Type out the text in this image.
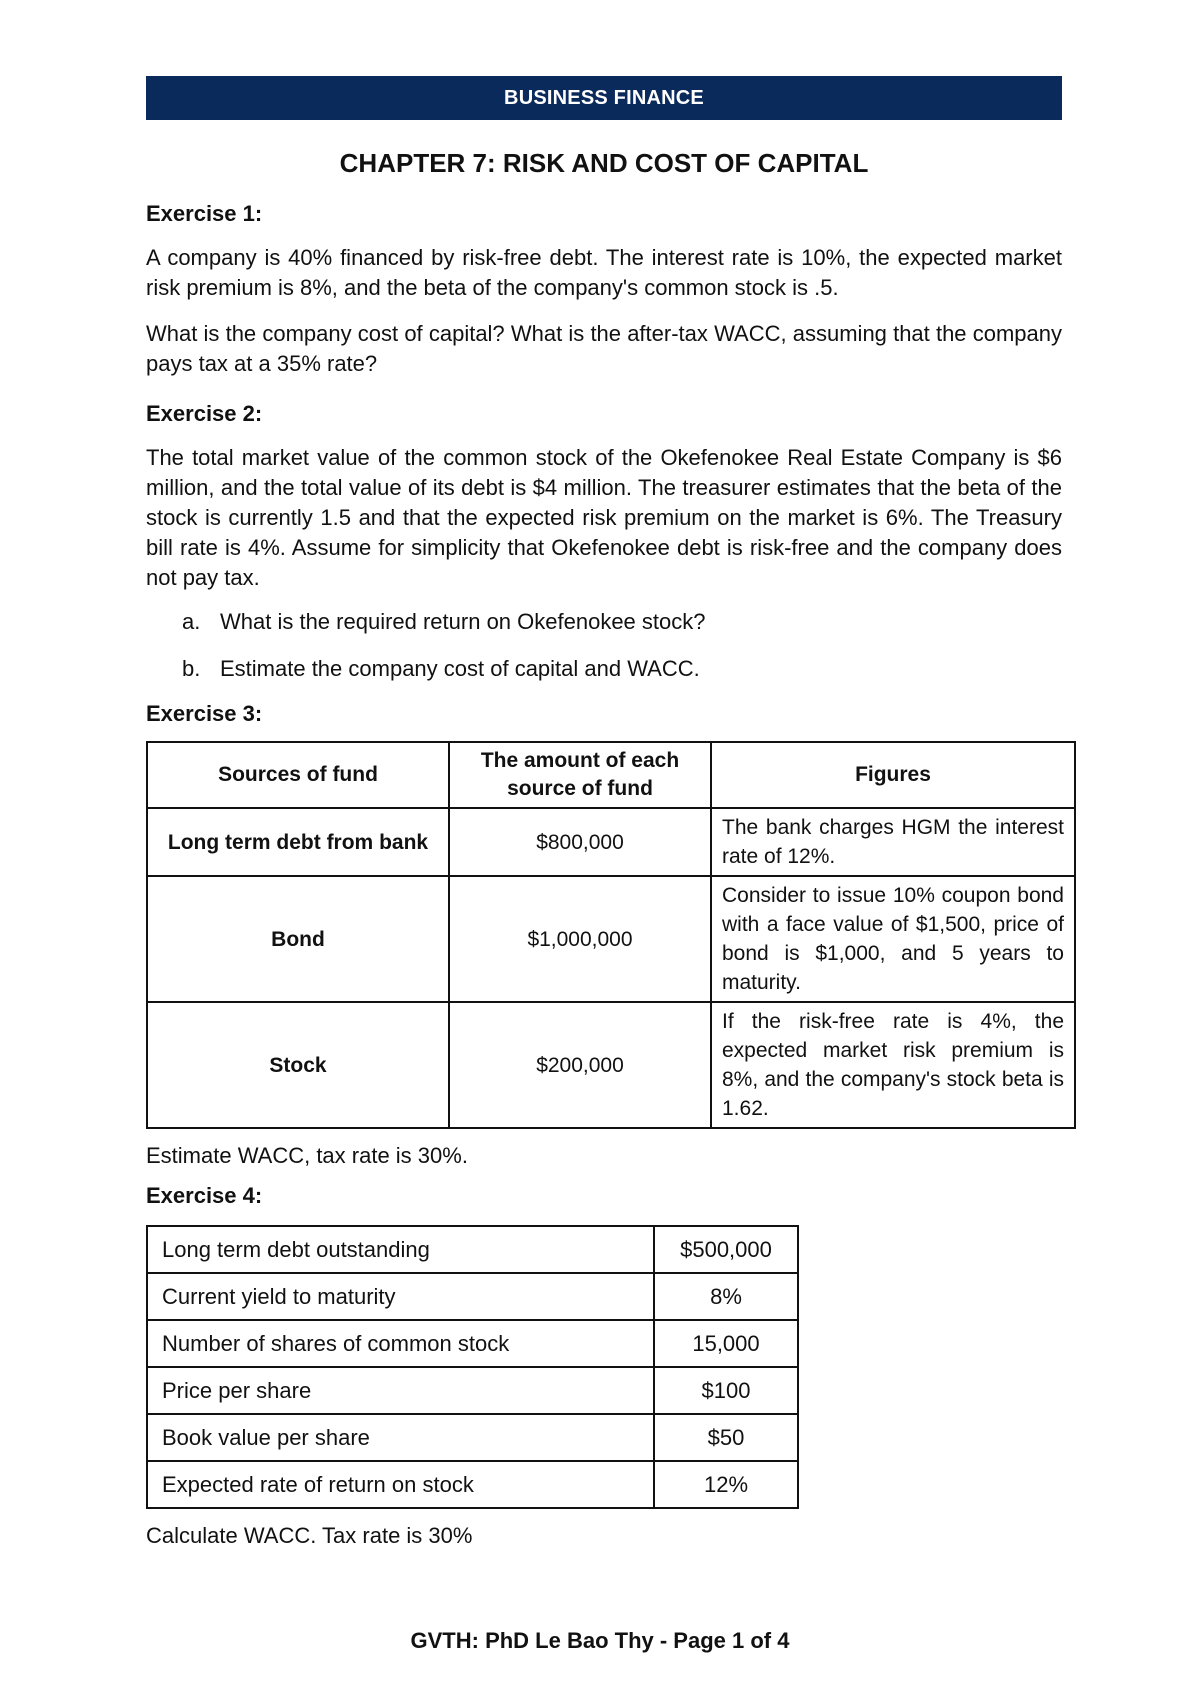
BUSINESS FINANCE
CHAPTER 7: RISK AND COST OF CAPITAL
Exercise 1:
A company is 40% financed by risk-free debt. The interest rate is 10%, the expected market risk premium is 8%, and the beta of the company's common stock is .5.
What is the company cost of capital? What is the after-tax WACC, assuming that the company pays tax at a 35% rate?
Exercise 2:
The total market value of the common stock of the Okefenokee Real Estate Company is $6 million, and the total value of its debt is $4 million. The treasurer estimates that the beta of the stock is currently 1.5 and that the expected risk premium on the market is 6%. The Treasury bill rate is 4%. Assume for simplicity that Okefenokee debt is risk-free and the company does not pay tax.
a. What is the required return on Okefenokee stock?
b. Estimate the company cost of capital and WACC.
Exercise 3:
Sources of fund	The amount of each source of fund	Figures
Long term debt from bank	$800,000	The bank charges HGM the interest rate of 12%.
Bond	$1,000,000	Consider to issue 10% coupon bond with a face value of $1,500, price of bond is $1,000, and 5 years to maturity.
Stock	$200,000	If the risk-free rate is 4%, the expected market risk premium is 8%, and the company's stock beta is 1.62.
Estimate WACC, tax rate is 30%.
Exercise 4:
Long term debt outstanding	$500,000
Current yield to maturity	8%
Number of shares of common stock	15,000
Price per share	$100
Book value per share	$50
Expected rate of return on stock	12%
Calculate WACC. Tax rate is 30%
GVTH: PhD Le Bao Thy - Page 1 of 4
